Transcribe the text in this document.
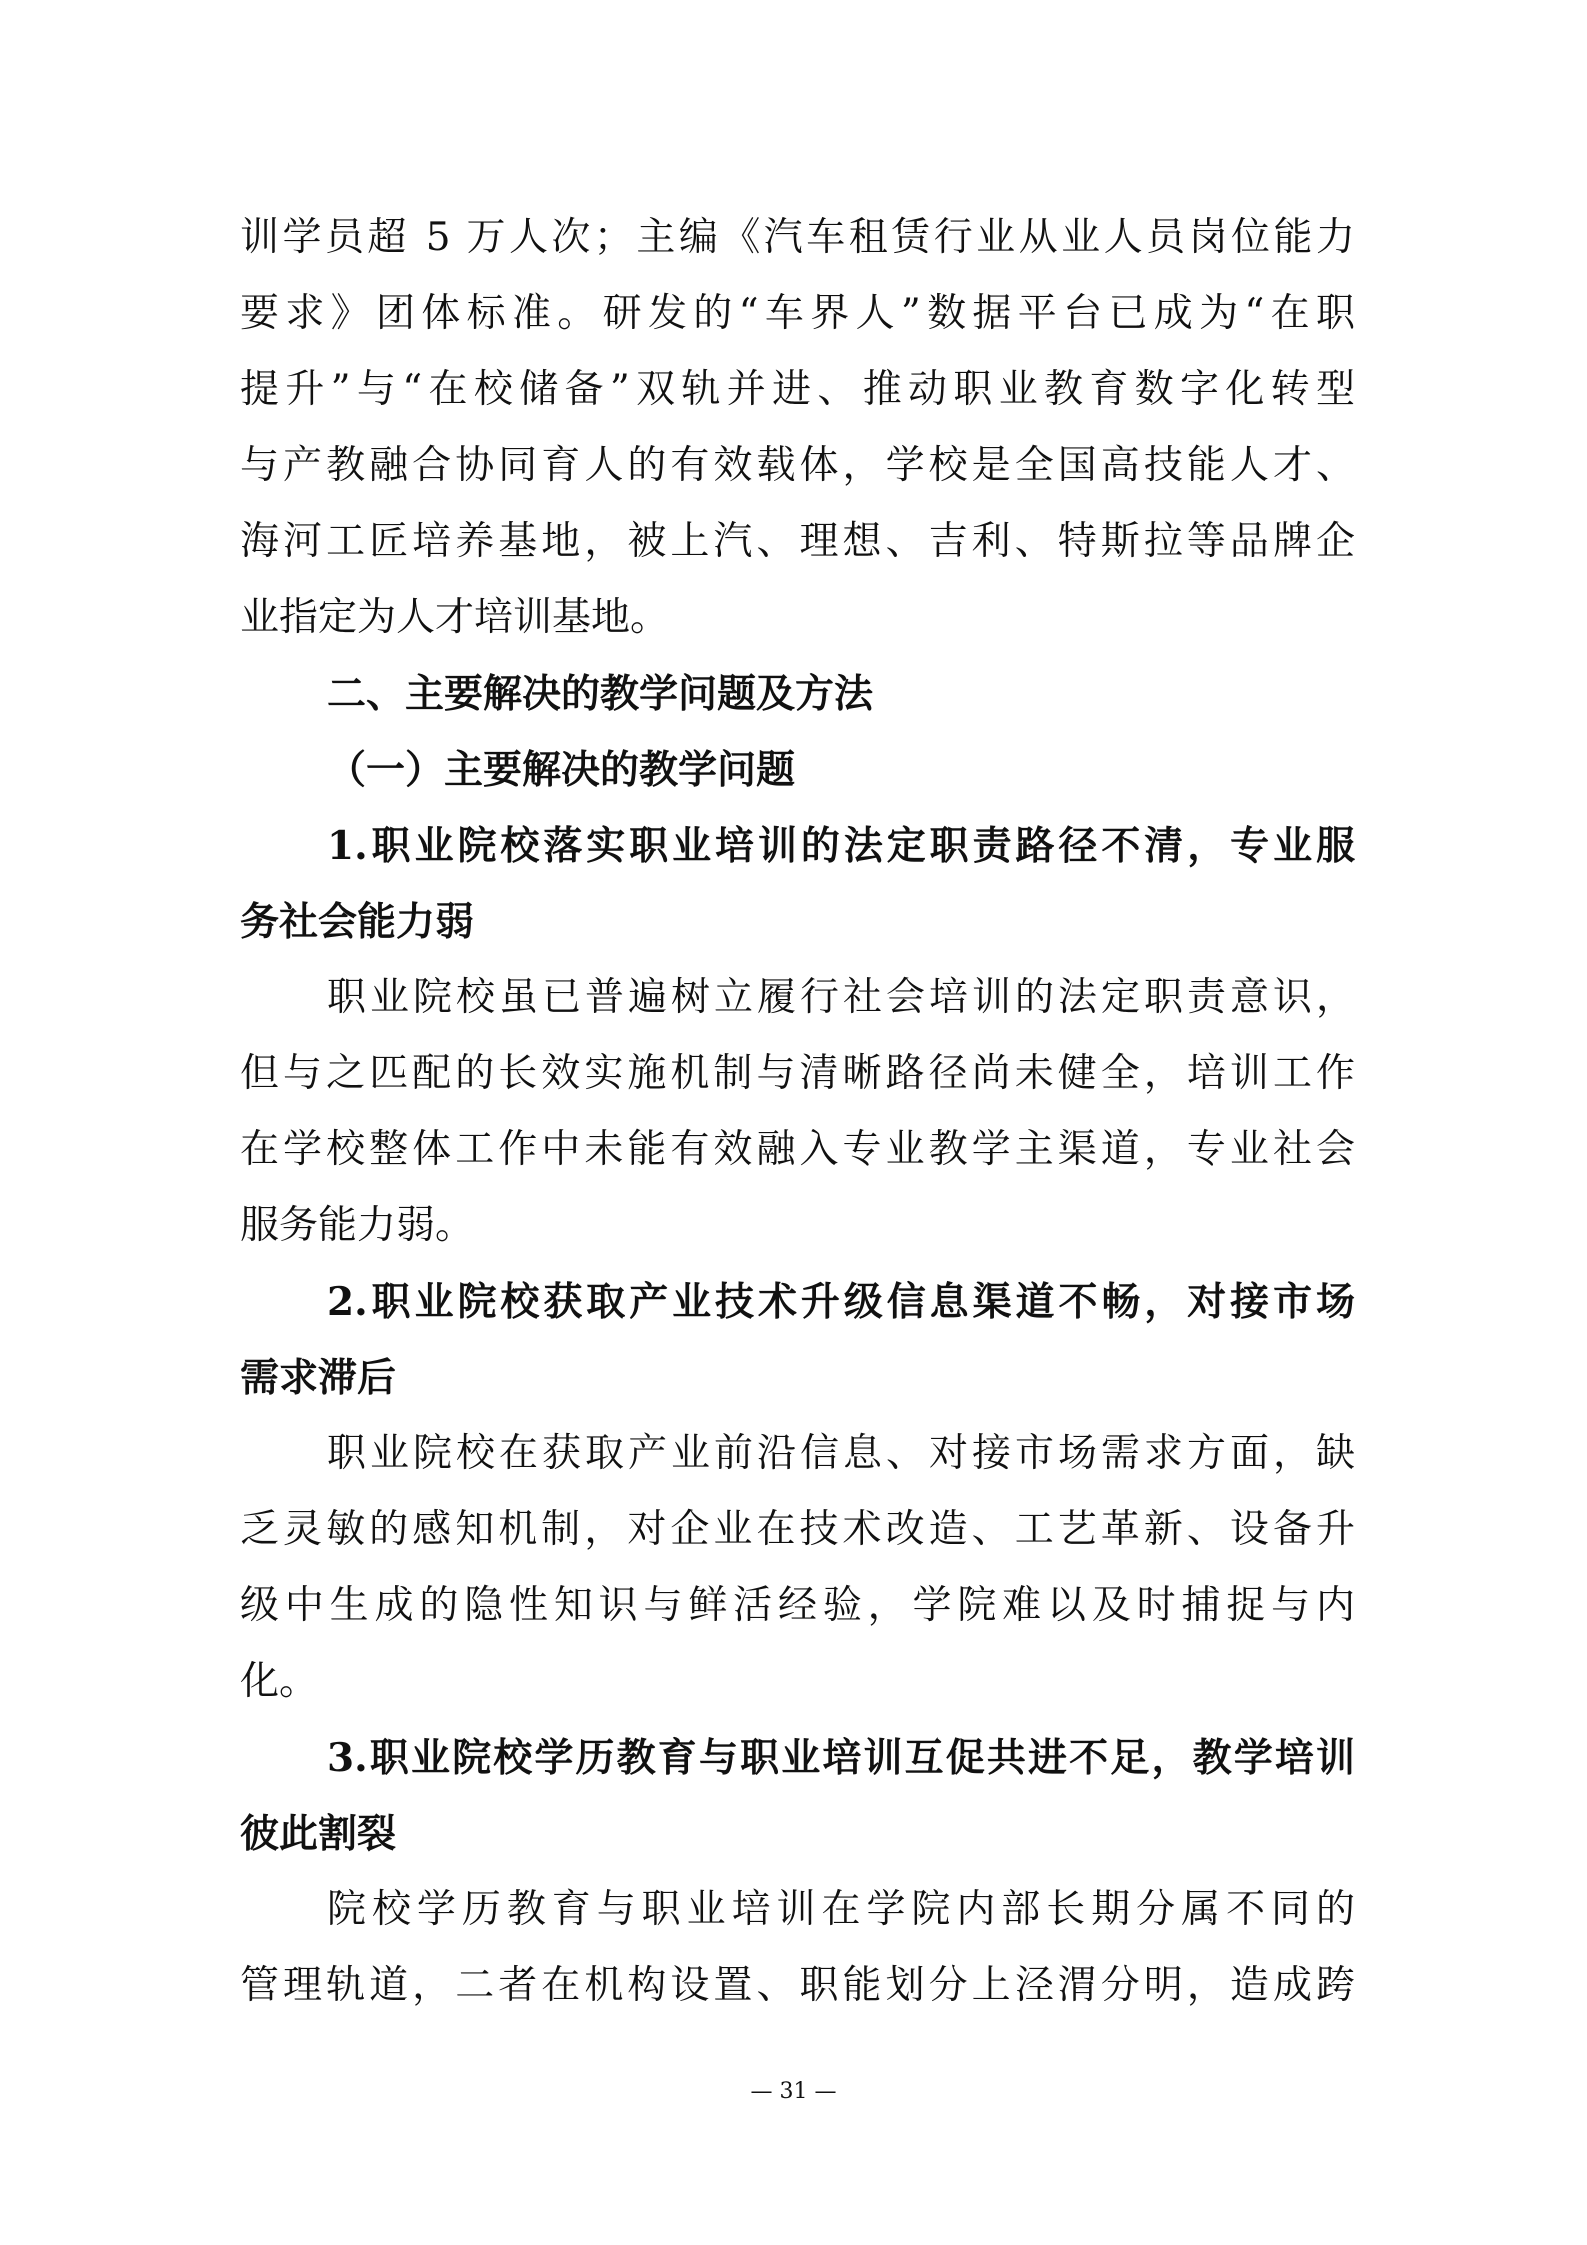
训学员超 5 万人次；主编《汽车租赁行业从业人员岗位能力
要求》团体标准。研发的“车界人”数据平台已成为“在职
提升”与“在校储备”双轨并进、推动职业教育数字化转型
与产教融合协同育人的有效载体，学校是全国高技能人才、
海河工匠培养基地，被上汽、理想、吉利、特斯拉等品牌企
业指定为人才培训基地。
二、主要解决的教学问题及方法
（一）主要解决的教学问题
1.职业院校落实职业培训的法定职责路径不清，专业服
务社会能力弱
职业院校虽已普遍树立履行社会培训的法定职责意识，
但与之匹配的长效实施机制与清晰路径尚未健全，培训工作
在学校整体工作中未能有效融入专业教学主渠道，专业社会
服务能力弱。
2.职业院校获取产业技术升级信息渠道不畅，对接市场
需求滞后
职业院校在获取产业前沿信息、对接市场需求方面，缺
乏灵敏的感知机制，对企业在技术改造、工艺革新、设备升
级中生成的隐性知识与鲜活经验，学院难以及时捕捉与内
化。
3.职业院校学历教育与职业培训互促共进不足，教学培训
彼此割裂
院校学历教育与职业培训在学院内部长期分属不同的
管理轨道，二者在机构设置、职能划分上泾渭分明，造成跨
— 31 —
